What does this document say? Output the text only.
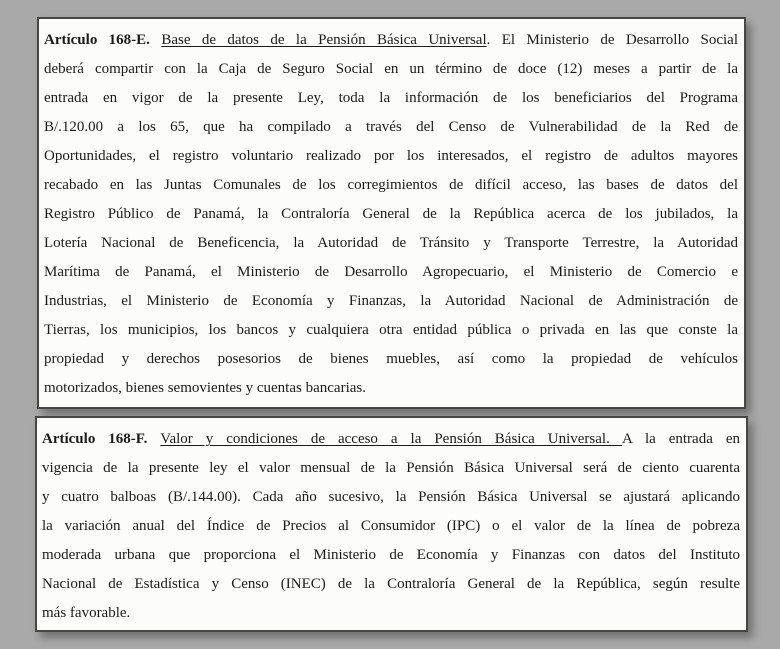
Artículo 168-E. Base de datos de la Pensión Básica Universal. El Ministerio de Desarrollo Social
deberá compartir con la Caja de Seguro Social en un término de doce (12) meses a partir de la
entrada en vigor de la presente Ley, toda la información de los beneficiarios del Programa
B/.120.00 a los 65, que ha compilado a través del Censo de Vulnerabilidad de la Red de
Oportunidades, el registro voluntario realizado por los interesados, el registro de adultos mayores
recabado en las Juntas Comunales de los corregimientos de difícil acceso, las bases de datos del
Registro Público de Panamá, la Contraloría General de la República acerca de los jubilados, la
Lotería Nacional de Beneficencia, la Autoridad de Tránsito y Transporte Terrestre, la Autoridad
Marítima de Panamá, el Ministerio de Desarrollo Agropecuario, el Ministerio de Comercio e
Industrias, el Ministerio de Economía y Finanzas, la Autoridad Nacional de Administración de
Tierras, los municipios, los bancos y cualquiera otra entidad pública o privada en las que conste la
propiedad y derechos posesorios de bienes muebles, así como la propiedad de vehículos
motorizados, bienes semovientes y cuentas bancarias.
Artículo 168-F. Valor y condiciones de acceso a la Pensión Básica Universal. A la entrada en
vigencia de la presente ley el valor mensual de la Pensión Básica Universal será de ciento cuarenta
y cuatro balboas (B/.144.00). Cada año sucesivo, la Pensión Básica Universal se ajustará aplicando
la variación anual del Índice de Precios al Consumidor (IPC) o el valor de la línea de pobreza
moderada urbana que proporciona el Ministerio de Economía y Finanzas con datos del Instituto
Nacional de Estadística y Censo (INEC) de la Contraloría General de la República, según resulte
más favorable.
